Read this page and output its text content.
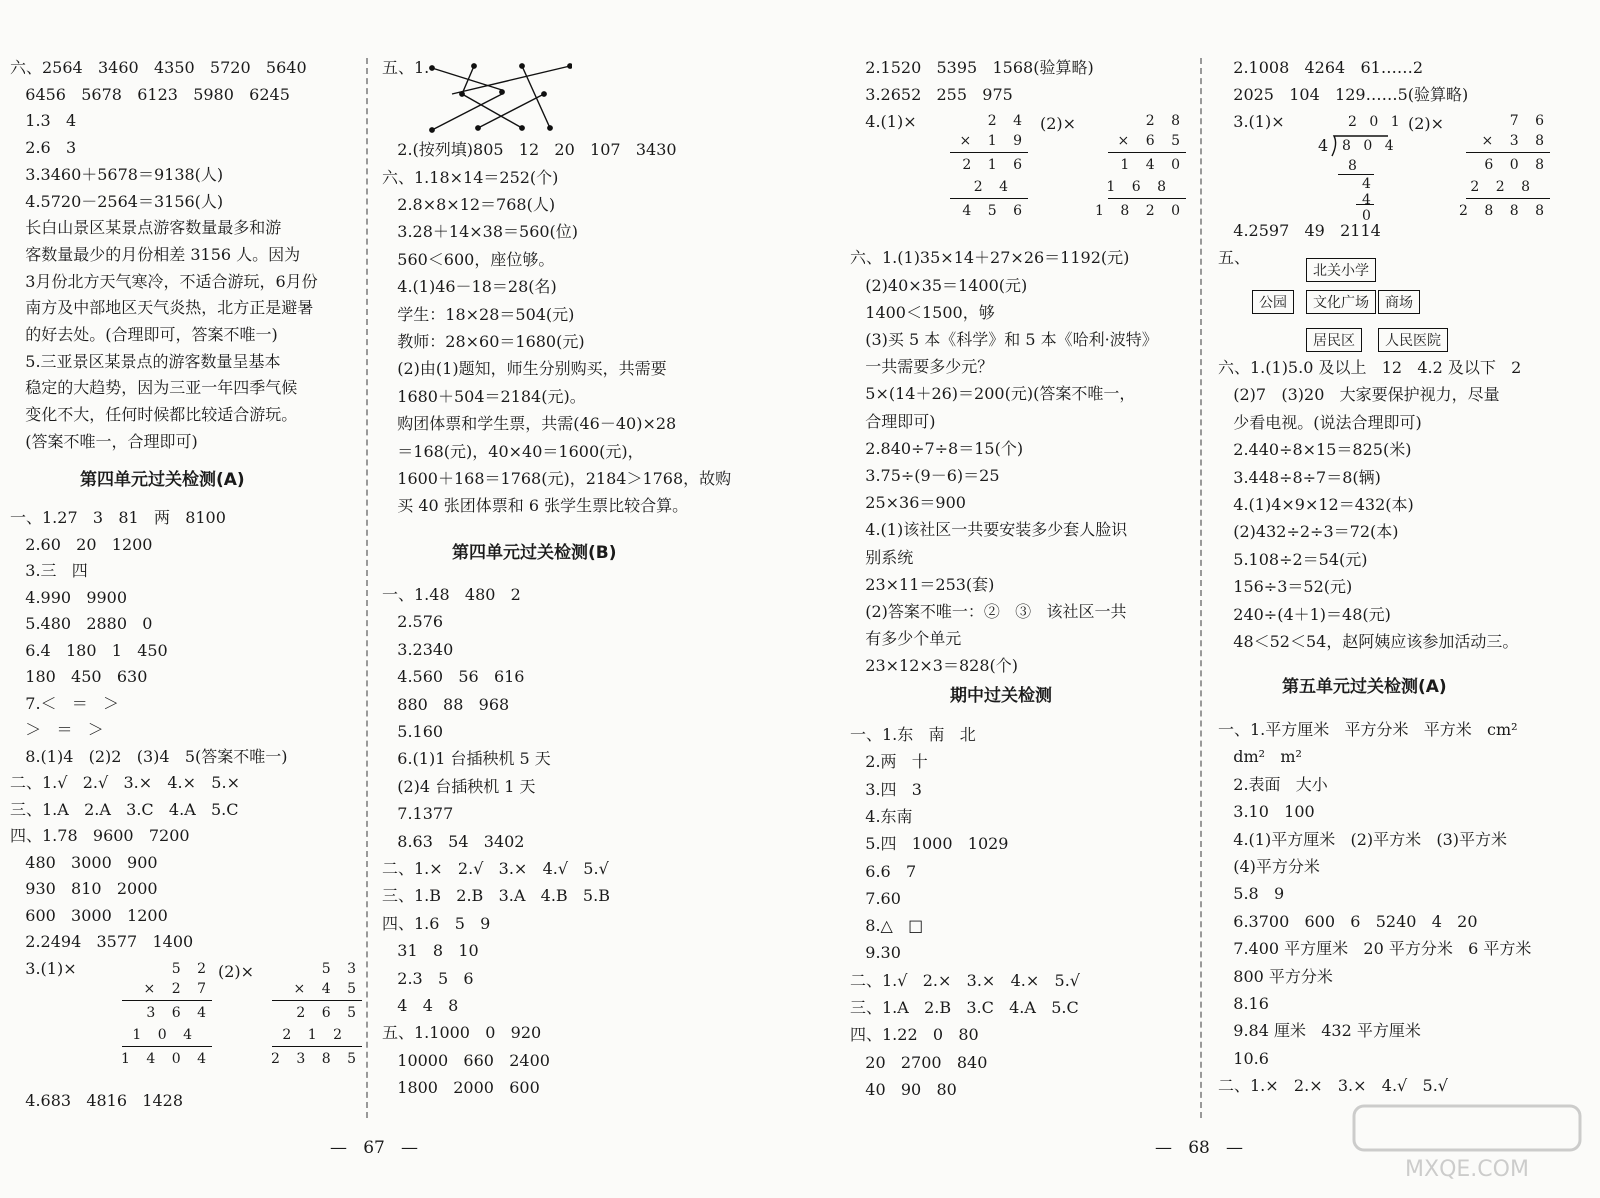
六、2564   3460   4350   5720   5640
6456   5678   6123   5980   6245
1.3   4
2.6   3
3.3460＋5678＝9138(人)
4.5720－2564＝3156(人)
长白山景区某景点游客数量最多和游
客数量最少的月份相差 3156 人。因为
3月份北方天气寒冷，不适合游玩，6月份
南方及中部地区天气炎热，北方正是避暑
的好去处。(合理即可，答案不唯一)
5.三亚景区某景点的游客数量呈基本
稳定的大趋势，因为三亚一年四季气候
变化不大，任何时候都比较适合游玩。
(答案不唯一，合理即可)
第四单元过关检测(A)
一、1.27   3   81   两   8100
2.60   20   1200
3.三   四
4.990   9900
5.480   2880   0
6.4   180   1   450
180   450   630
7.＜   ＝   ＞
＞   ＝   ＞
8.(1)4   (2)2   (3)4   5(答案不唯一)
二、1.√   2.√   3.×   4.×   5.×
三、1.A   2.A   3.C   4.A   5.C
四、1.78   9600   7200
480   3000   900
930   810   2000
600   3000   1200
2.2494   3577   1400
3.(1)×
4.683   4816   1428
(2)×
5 2
× 2 7
3 6 4
1 0 4
1 4 0 4
5 3
× 4 5
2 6 5
2 1 2
2 3 8 5
五、1.
2.(按列填)805   12   20   107   3430
六、1.18×14＝252(个)
2.8×8×12＝768(人)
3.28＋14×38＝560(位)
560＜600，座位够。
4.(1)46－18＝28(名)
学生：18×28＝504(元)
教师：28×60＝1680(元)
(2)由(1)题知，师生分别购买，共需要
1680＋504＝2184(元)。
购团体票和学生票，共需(46－40)×28
＝168(元)，40×40＝1600(元)，
1600＋168＝1768(元)，2184＞1768，故购
买 40 张团体票和 6 张学生票比较合算。
第四单元过关检测(B)
一、1.48   480   2
2.576
3.2340
4.560   56   616
880   88   968
5.160
6.(1)1 台插秧机 5 天
(2)4 台插秧机 1 天
7.1377
8.63   54   3402
二、1.×   2.√   3.×   4.√   5.√
三、1.B   2.B   3.A   4.B   5.B
四、1.6   5   9
31   8   10
2.3   5   6
4   4   8
五、1.1000   0   920
10000   660   2400
1800   2000   600
—   67   —
2.1520   5395   1568(验算略)
3.2652   255   975
4.(1)×
六、1.(1)35×14＋27×26＝1192(元)
(2)40×35＝1400(元)
1400＜1500，够
(3)买 5 本《科学》和 5 本《哈利·波特》
一共需要多少元？
5×(14＋26)＝200(元)(答案不唯一，
合理即可)
2.840÷7÷8＝15(个)
3.75÷(9－6)＝25
25×36＝900
4.(1)该社区一共要安装多少套人脸识
别系统
23×11＝253(套)
(2)答案不唯一：②   ③   该社区一共
有多少个单元
23×12×3＝828(个)
(2)×
2 4
× 1 9
2 1 6
2 4
4 5 6
2 8
× 6 5
1 4 0
1 6 8
1 8 2 0
期中过关检测
一、1.东   南   北
2.两   十
3.四   3
4.东南
5.四   1000   1029
6.6   7
7.60
8.△   □
9.30
二、1.√   2.×   3.×   4.×   5.√
三、1.A   2.B   3.C   4.A   5.C
四、1.22   0   80
20   2700   840
40   90   80
2.1008   4264   61……2
2025   104   129……5(验算略)
3.(1)×
4.2597   49   2114
五、
(2)×
4
2 0 1
8 0 4
8
4
4
0
7 6
× 3 8
6 0 8
2 2 8
2 8 8 8
北关小学
公园	文化广场	商场
居民区	人民医院
六、1.(1)5.0 及以上   12   4.2 及以下   2
(2)7   (3)20   大家要保护视力，尽量
少看电视。(说法合理即可)
2.440÷8×15＝825(米)
3.448÷8÷7＝8(辆)
4.(1)4×9×12＝432(本)
(2)432÷2÷3＝72(本)
5.108÷2＝54(元)
156÷3＝52(元)
240÷(4＋1)＝48(元)
48＜52＜54，赵阿姨应该参加活动三。
第五单元过关检测(A)
一、1.平方厘米   平方分米   平方米   cm²
dm²   m²
2.表面   大小
3.10   100
4.(1)平方厘米   (2)平方米   (3)平方米
(4)平方分米
5.8   9
6.3700   600   6   5240   4   20
7.400 平方厘米   20 平方分米   6 平方米
800 平方分米
8.16
9.84 厘米   432 平方厘米
10.6
二、1.×   2.×   3.×   4.√   5.√
—   68   —
MXQE.COM
